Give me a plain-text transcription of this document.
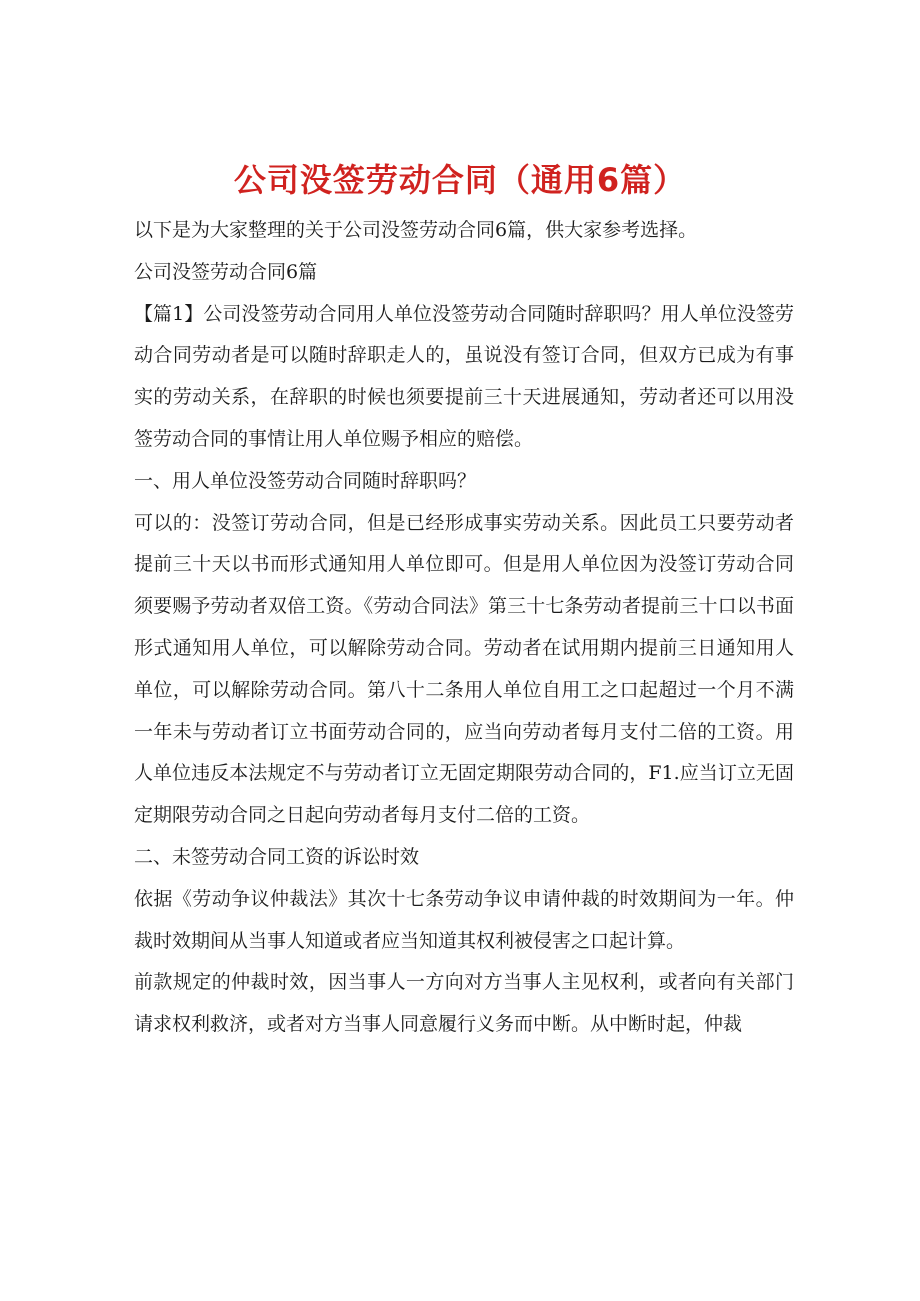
公司没签劳动合同（通用6篇）

以下是为大家整理的关于公司没签劳动合同6篇，供大家参考选择。

公司没签劳动合同6篇

【篇1】公司没签劳动合同用人单位没签劳动合同随时辞职吗？用人单位没签劳动合同劳动者是可以随时辞职走人的，虽说没有签订合同，但双方已成为有事实的劳动关系，在辞职的时候也须要提前三十天进展通知，劳动者还可以用没签劳动合同的事情让用人单位赐予相应的赔偿。

一、用人单位没签劳动合同随时辞职吗？

可以的：没签订劳动合同，但是已经形成事实劳动关系。因此员工只要劳动者提前三十天以书而形式通知用人单位即可。但是用人单位因为没签订劳动合同须要赐予劳动者双倍工资。《劳动合同法》第三十七条劳动者提前三十口以书面形式通知用人单位，可以解除劳动合同。劳动者在试用期内提前三日通知用人单位，可以解除劳动合同。第八十二条用人单位自用工之口起超过一个月不满一年未与劳动者订立书面劳动合同的，应当向劳动者每月支付二倍的工资。用人单位违反本法规定不与劳动者订立无固定期限劳动合同的，F1.应当订立无固定期限劳动合同之日起向劳动者每月支付二倍的工资。

二、未签劳动合同工资的诉讼时效

依据《劳动争议仲裁法》其次十七条劳动争议申请仲裁的时效期间为一年。仲裁时效期间从当事人知道或者应当知道其权利被侵害之口起计算。

前款规定的仲裁时效，因当事人一方向对方当事人主见权利，或者向有关部门请求权利救济，或者对方当事人同意履行义务而中断。从中断时起，仲裁
